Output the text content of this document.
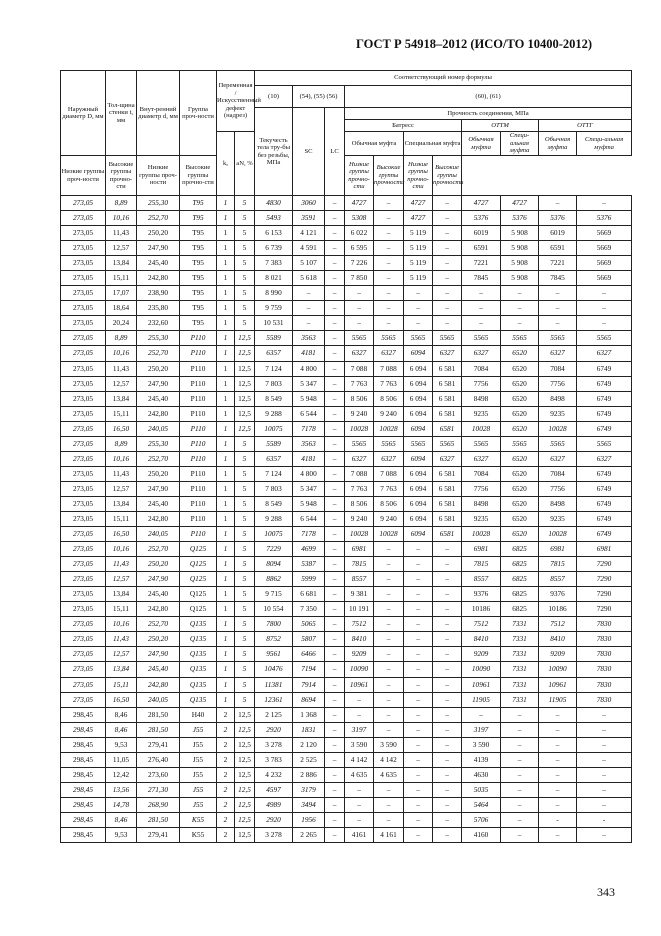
ГОСТ Р 54918–2012 (ИСО/ТО 10400-2012)
Наружный диаметр D, мм	Тол-щина стенки t, мм	Внут-ренний диаметр d, мм	Группа проч-ности	Переменная /Искусственный дефект (надрез)		Соответствующий номер формулы										
						(10)	(54), (55) (56)		(60), (61)							
						Текучесть тела тру-бы без резьбы, МПа	SC	LC	Прочность соединения, МПа							
									Батресс				ОТТМ		ОТТГ	
				kₐ	aN, %				Обычная муфта		Специальная муфта		Обычная муфта	Специ-альная муфта	Обычная муфта	Специ-альная муфта
Низкие группы проч-ности	Высокие группы прочно-сти	Низкие группы проч-ности	Высокие группы прочно-сти						Низкие группы прочно-сти	Высокие группы прочности	Низкие группы прочно-сти	Высокие группы прочности				
273,05	8,89	255,30	T95	1	5	4830	3060	–	4727	–	4727	–	4727	4727	–	–
273,05	10,16	252,70	T95	1	5	5493	3591	–	5308	–	4727	–	5376	5376	5376	5376
273,05	11,43	250,20	T95	1	5	6 153	4 121	–	6 022	–	5 119	–	6019	5 908	6019	5669
273,05	12,57	247,90	T95	1	5	6 739	4 591	–	6 595	–	5 119	–	6591	5 908	6591	5669
273,05	13,84	245,40	T95	1	5	7 383	5 107	–	7 226	–	5 119	–	7221	5 908	7221	5669
273,05	15,11	242,80	T95	1	5	8 021	5 618	–	7 850	–	5 119	–	7845	5 908	7845	5669
273,05	17,07	238,90	T95	1	5	8 990	–	–	–	–	–	–	–	–	–	–
273,05	18,64	235,80	T95	1	5	9 759	–	–	–	–	–	–	–	–	–	–
273,05	20,24	232,60	T95	1	5	10 531	–	–	–	–	–	–	–	–	–	–
273,05	8,89	255,30	P110	1	12,5	5589	3563	–	5565	5565	5565	5565	5565	5565	5565	5565
273,05	10,16	252,70	P110	1	12,5	6357	4181	–	6327	6327	6094	6327	6327	6520	6327	6327
273,05	11,43	250,20	P110	1	12,5	7 124	4 800	–	7 088	7 088	6 094	6 581	7084	6520	7084	6749
273,05	12,57	247,90	P110	1	12,5	7 803	5 347	–	7 763	7 763	6 094	6 581	7756	6520	7756	6749
273,05	13,84	245,40	P110	1	12,5	8 549	5 948	–	8 506	8 506	6 094	6 581	8498	6520	8498	6749
273,05	15,11	242,80	P110	1	12,5	9 288	6 544	–	9 240	9 240	6 094	6 581	9235	6520	9235	6749
273,05	16,50	240,05	P110	1	12,5	10075	7178	–	10028	10028	6094	6581	10028	6520	10028	6749
273,05	8,89	255,30	P110	1	5	5589	3563	–	5565	5565	5565	5565	5565	5565	5565	5565
273,05	10,16	252,70	P110	1	5	6357	4181	–	6327	6327	6094	6327	6327	6520	6327	6327
273,05	11,43	250,20	P110	1	5	7 124	4 800	–	7 088	7 088	6 094	6 581	7084	6520	7084	6749
273,05	12,57	247,90	P110	1	5	7 803	5 347	–	7 763	7 763	6 094	6 581	7756	6520	7756	6749
273,05	13,84	245,40	P110	1	5	8 549	5 948	–	8 506	8 506	6 094	6 581	8498	6520	8498	6749
273,05	15,11	242,80	P110	1	5	9 288	6 544	–	9 240	9 240	6 094	6 581	9235	6520	9235	6749
273,05	16,50	240,05	P110	1	5	10075	7178	–	10028	10028	6094	6581	10028	6520	10028	6749
273,05	10,16	252,70	Q125	1	5	7229	4699	–	6981	–	–	–	6981	6825	6981	6981
273,05	11,43	250,20	Q125	1	5	8094	5387	–	7815	–	–	–	7815	6825	7815	7290
273,05	12,57	247,90	Q125	1	5	8862	5999	–	8557	–	–	–	8557	6825	8557	7290
273,05	13,84	245,40	Q125	1	5	9 715	6 681	–	9 381	–	–	–	9376	6825	9376	7290
273,05	15,11	242,80	Q125	1	5	10 554	7 350	–	10 191	–	–	–	10186	6825	10186	7290
273,05	10,16	252,70	Q135	1	5	7800	5065	–	7512	–	–	–	7512	7331	7512	7830
273,05	11,43	250,20	Q135	1	5	8752	5807	–	8410	–	–	–	8410	7331	8410	7830
273,05	12,57	247,90	Q135	1	5	9561	6466	–	9209	–	–	–	9209	7331	9209	7830
273,05	13,84	245,40	Q135	1	5	10476	7194	–	10090	–	–	–	10090	7331	10090	7830
273,05	15,11	242,80	Q135	1	5	11381	7914	–	10961	–	–	–	10961	7331	10961	7830
273,05	16,50	240,05	Q135	1	5	12361	8694	–	–	–	–	–	11905	7331	11905	7830
298,45	8,46	281,50	H40	2	12,5	2 125	1 368	–	–	–	–	–	–	–	–	–
298,45	8,46	281,50	J55	2	12,5	2920	1831	–	3197	–	–	–	3197	–	–	–
298,45	9,53	279,41	J55	2	12,5	3 278	2 120	–	3 590	3 590	–	–	3 590	–	–	–
298,45	11,05	276,40	J55	2	12,5	3 783	2 525	–	4 142	4 142	–	–	4139	–	–	–
298,45	12,42	273,60	J55	2	12,5	4 232	2 886	–	4 635	4 635	–	–	4630	–	–	–
298,45	13,56	271,30	J55	2	12,5	4597	3179	–	–	–	–	–	5035	–	–	–
298,45	14,78	268,90	J55	2	12,5	4989	3494	–	–	–	–	–	5464	–	–	–
298,45	8,46	281,50	K55	2	12,5	2920	1956	–	–	–	–	–	5706	–	-	-
298,45	9,53	279,41	K55	2	12,5	3 278	2 265	–	4161	4 161	–	–	4160	–	–	–
343
